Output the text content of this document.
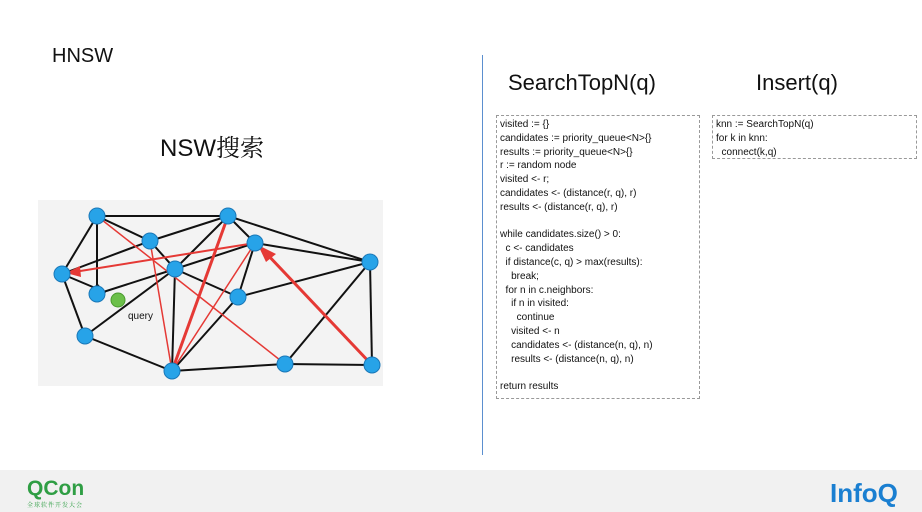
HNSW
NSW搜索
query
SearchTopN(q)
visited := {}
candidates := priority_queue<N>{}
results := priority_queue<N>{}
r := random node
visited <- r;
candidates <- (distance(r, q), r)
results <- (distance(r, q), r)

while candidates.size() > 0:
c <- candidates
if distance(c, q) > max(results):
break;
for n in c.neighbors:
if n in visited:
continue
visited <- n
candidates <- (distance(n, q), n)
results <- (distance(n, q), n)

return results
Insert(q)
knn := SearchTopN(q)
for k in knn:
connect(k,q)
QCon
全球软件开发大会	InfoQ
